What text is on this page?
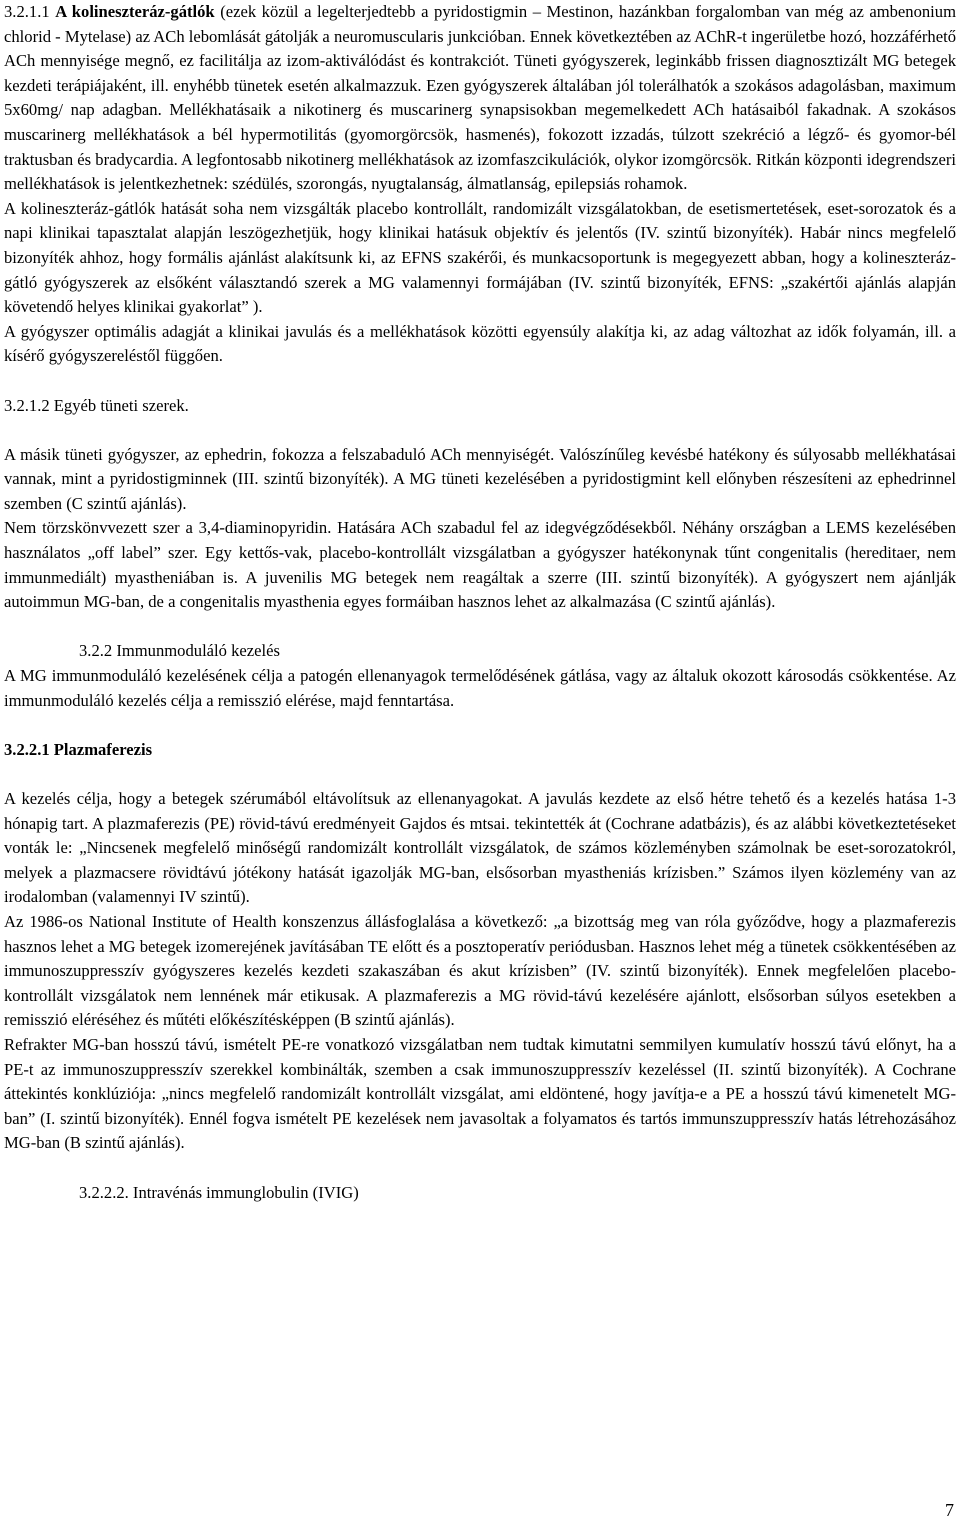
3.2.1.1 A kolineszteráz-gátlók (ezek közül a legelterjedtebb a pyridostigmin – Mestinon, hazánkban forgalomban van még az ambenonium chlorid - Mytelase) az ACh lebomlását gátolják a neuromuscularis junkcióban. Ennek következtében az AChR-t ingerületbe hozó, hozzáférhető ACh mennyisége megnő, ez facilitálja az izom-aktiválódást és kontrakciót. Tüneti gyógyszerek, leginkább frissen diagnosztizált MG betegek kezdeti terápiájaként, ill. enyhébb tünetek esetén alkalmazzuk. Ezen gyógyszerek általában jól tolerálhatók a szokásos adagolásban, maximum 5x60mg/ nap adagban. Mellékhatásaik a nikotinerg és muscarinerg synapsisokban megemelkedett ACh hatásaiból fakadnak. A szokásos muscarinerg mellékhatások a bél hypermotilitás (gyomorgörcsök, hasmenés), fokozott izzadás, túlzott szekréció a légző- és gyomor-bél traktusban és bradycardia. A legfontosabb nikotinerg mellékhatások az izomfaszcikulációk, olykor izomgörcsök. Ritkán központi idegrendszeri mellékhatások is jelentkezhetnek: szédülés, szorongás, nyugtalanság, álmatlanság, epilepsiás rohamok.

A kolineszteráz-gátlók hatását soha nem vizsgálták placebo kontrollált, randomizált vizsgálatokban, de esetismertetések, eset-sorozatok és a napi klinikai tapasztalat alapján leszögezhetjük, hogy klinikai hatásuk objektív és jelentős (IV. szintű bizonyíték). Habár nincs megfelelő bizonyíték ahhoz, hogy formális ajánlást alakítsunk ki, az EFNS szakérői, és munkacsoportunk is megegyezett abban, hogy a kolineszteráz-gátló gyógyszerek az elsőként választandó szerek a MG valamennyi formájában (IV. szintű bizonyíték, EFNS: „szakértői ajánlás alapján követendő helyes klinikai gyakorlat” ).

A gyógyszer optimális adagját a klinikai javulás és a mellékhatások közötti egyensúly alakítja ki, az adag változhat az idők folyamán, ill. a kísérő gyógyszereléstől függően.

3.2.1.2 Egyéb tüneti szerek.

A másik tüneti gyógyszer, az ephedrin, fokozza a felszabaduló ACh mennyiségét. Valószínűleg kevésbé hatékony és súlyosabb mellékhatásai vannak, mint a pyridostigminnek (III. szintű bizonyíték). A MG tüneti kezelésében a pyridostigmint kell előnyben részesíteni az ephedrinnel szemben (C szintű ajánlás).

Nem törzskönvvezett szer a 3,4-diaminopyridin. Hatására ACh szabadul fel az idegvégződésekből. Néhány országban a LEMS kezelésében használatos „off label” szer. Egy kettős-vak, placebo-kontrollált vizsgálatban a gyógyszer hatékonynak tűnt congenitalis (hereditaer, nem immunmediált) myastheniában is. A juvenilis MG betegek nem reagáltak a szerre (III. szintű bizonyíték). A gyógyszert nem ajánlják autoimmun MG-ban, de a congenitalis myasthenia egyes formáiban hasznos lehet az alkalmazása (C szintű ajánlás).

3.2.2 Immunmoduláló kezelés

A MG immunmoduláló kezelésének célja a patogén ellenanyagok termelődésének gátlása, vagy az általuk okozott károsodás csökkentése. Az immunmoduláló kezelés célja a remisszió elérése, majd fenntartása.

3.2.2.1 Plazmaferezis

A kezelés célja, hogy a betegek szérumából eltávolítsuk az ellenanyagokat. A javulás kezdete az első hétre tehető és a kezelés hatása 1-3 hónapig tart. A plazmaferezis (PE) rövid-távú eredményeit Gajdos és mtsai. tekintették át (Cochrane adatbázis), és az alábbi következtetéseket vonták le: „Nincsenek megfelelő minőségű randomizált kontrollált vizsgálatok, de számos közleményben számolnak be eset-sorozatokról, melyek a plazmacsere rövidtávú jótékony hatását igazolják MG-ban, elsősorban myastheniás krízisben.” Számos ilyen közlemény van az irodalomban (valamennyi IV szintű).

Az 1986-os National Institute of Health konszenzus állásfoglalása a következő: „a bizottság meg van róla győződve, hogy a plazmaferezis hasznos lehet a MG betegek izomerejének javításában TE előtt és a posztoperatív periódusban. Hasznos lehet még a tünetek csökkentésében az immunoszuppresszív gyógyszeres kezelés kezdeti szakaszában és akut krízisben” (IV. szintű bizonyíték). Ennek megfelelően placebo-kontrollált vizsgálatok nem lennének már etikusak. A plazmaferezis a MG rövid-távú kezelésére ajánlott, elsősorban súlyos esetekben a remisszió eléréséhez és műtéti előkészítésképpen (B szintű ajánlás).

Refrakter MG-ban hosszú távú, ismételt PE-re vonatkozó vizsgálatban nem tudtak kimutatni semmilyen kumulatív hosszú távú előnyt, ha a PE-t az immunoszuppresszív szerekkel kombinálták, szemben a csak immunoszuppresszív kezeléssel (II. szintű bizonyíték). A Cochrane áttekintés konklúziója: „nincs megfelelő randomizált kontrollált vizsgálat, ami eldöntené, hogy javítja-e a PE a hosszú távú kimenetelt MG-ban” (I. szintű bizonyíték). Ennél fogva ismételt PE kezelések nem javasoltak a folyamatos és tartós immunszuppresszív hatás létrehozásához MG-ban (B szintű ajánlás).

3.2.2.2. Intravénás immunglobulin (IVIG)

7
